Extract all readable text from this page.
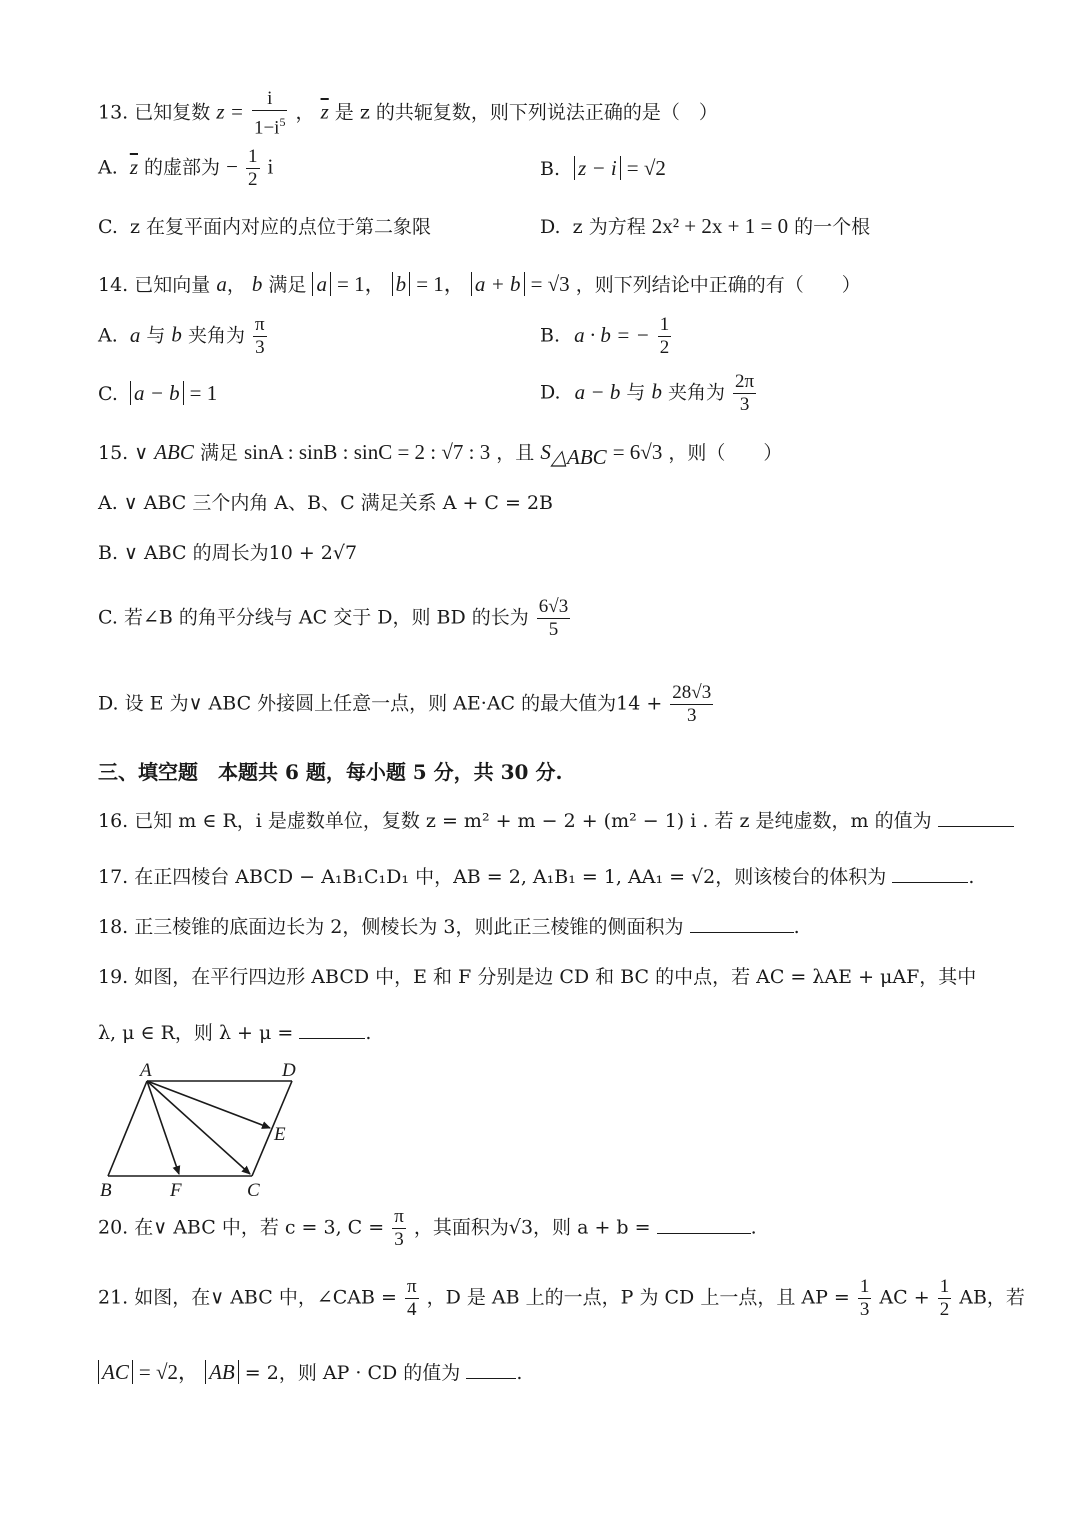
13. 已知复数 $z = \frac{i}{1-i^5}$ ， $\overline{z}$ 是 z 的共轭复数，则下列说法正确的是（　）
A. $\overline{z}$ 的虚部为 − $\frac{1}{2}$ i	B. z − i = √2
C. z 在复平面内对应的点位于第二象限	D. z 为方程 2x² + 2x + 1 = 0 的一个根
14. 已知向量 a， b 满足 a = 1， b = 1， a + b = √3 ，则下列结论中正确的有（　　）
A. a 与 b 夹角为 $\frac{\pi}{3}$	B. a · b = − $\frac{1}{2}$
C. a − b = 1	D. a − b 与 b 夹角为 $\frac{2\pi}{3}$
15. ∨ ABC 满足 sinA : sinB : sinC = 2 : √7 : 3 ，且 $S_{\triangle ABC} = 6√3$ ，则（　　）
A. ∨ ABC 三个内角 A、B、C 满足关系 A + C = 2B
B. ∨ ABC 的周长为10 + 2√7
C. 若∠B 的角平分线与 AC 交于 D，则 BD 的长为 $\frac{6√3}{5}$
D. 设 E 为∨ ABC 外接圆上任意一点，则 AE·AC 的最大值为$14 + \frac{28√3}{3}$
三、填空题　本题共 6 题，每小题 5 分，共 30 分.
16. 已知 m ∈ R，i 是虚数单位，复数 z = m² + m − 2 + (m² − 1) i . 若 z 是纯虚数，m 的值为
17. 在正四棱台 ABCD − A₁B₁C₁D₁ 中，AB = 2, A₁B₁ = 1, AA₁ = √2，则该棱台的体积为	.
18. 正三棱锥的底面边长为 2，侧棱长为 3，则此正三棱锥的侧面积为	.
19. 如图，在平行四边形 ABCD 中，E 和 F 分别是边 CD 和 BC 的中点，若 AC = λAE + μAF，其中
λ, μ ∈ R，则 λ + μ =	.
A	D
E
B	F	C
20. 在∨ ABC 中，若 c = 3, $C = \frac{\pi}{3}$ ，其面积为√3，则 a + b =	.
21. 如图，在∨ ABC 中，∠CAB = $\frac{\pi}{4}$ ，D 是 AB 上的一点，P 为 CD 上一点，且 AP = $\frac{1}{3}$ AC + $\frac{1}{2}$ AB，若
AC = √2， AB = 2，则 AP · CD 的值为	.
